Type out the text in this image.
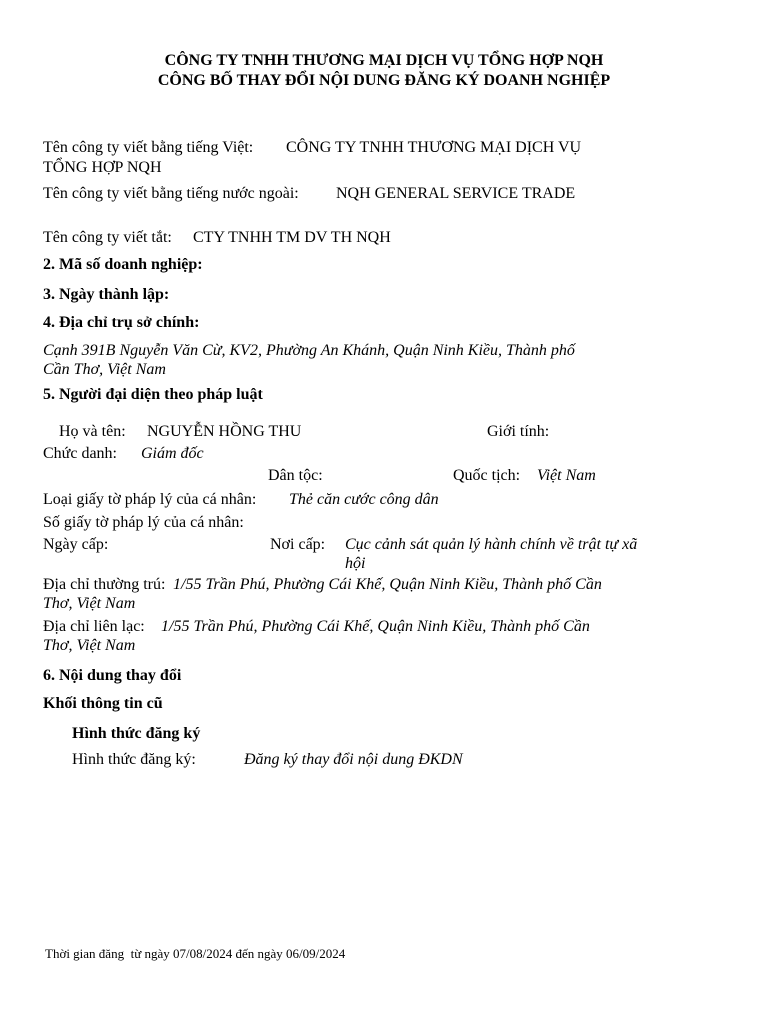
CÔNG TY TNHH THƯƠNG MẠI DỊCH VỤ TỔNG HỢP NQH
CÔNG BỐ THAY ĐỔI NỘI DUNG ĐĂNG KÝ DOANH NGHIỆP
Tên công ty viết bằng tiếng Việt: CÔNG TY TNHH THƯƠNG MẠI DỊCH VỤ
TỔNG HỢP NQH
Tên công ty viết bằng tiếng nước ngoài: NQH GENERAL SERVICE TRADE
Tên công ty viết tắt: CTY TNHH TM DV TH NQH
2. Mã số doanh nghiệp:
3. Ngày thành lập:
4. Địa chỉ trụ sở chính:
Cạnh 391B Nguyễn Văn Cừ, KV2, Phường An Khánh, Quận Ninh Kiều, Thành phố
Cần Thơ, Việt Nam
5. Người đại diện theo pháp luật
Họ và tên: NGUYỄN HỒNG THU	Giới tính:
Chức danh: Giám đốc
Dân tộc:	Quốc tịch: Việt Nam
Loại giấy tờ pháp lý của cá nhân: Thẻ căn cước công dân
Số giấy tờ pháp lý của cá nhân:
Ngày cấp:	Nơi cấp: Cục cảnh sát quản lý hành chính về trật tự xã
hội
Địa chỉ thường trú: 1/55 Trần Phú, Phường Cái Khế, Quận Ninh Kiều, Thành phố Cần
Thơ, Việt Nam
Địa chỉ liên lạc: 1/55 Trần Phú, Phường Cái Khế, Quận Ninh Kiều, Thành phố Cần
Thơ, Việt Nam
6. Nội dung thay đổi
Khối thông tin cũ
Hình thức đăng ký
Hình thức đăng ký:	Đăng ký thay đổi nội dung ĐKDN
Thời gian đăng  từ ngày 07/08/2024 đến ngày 06/09/2024
